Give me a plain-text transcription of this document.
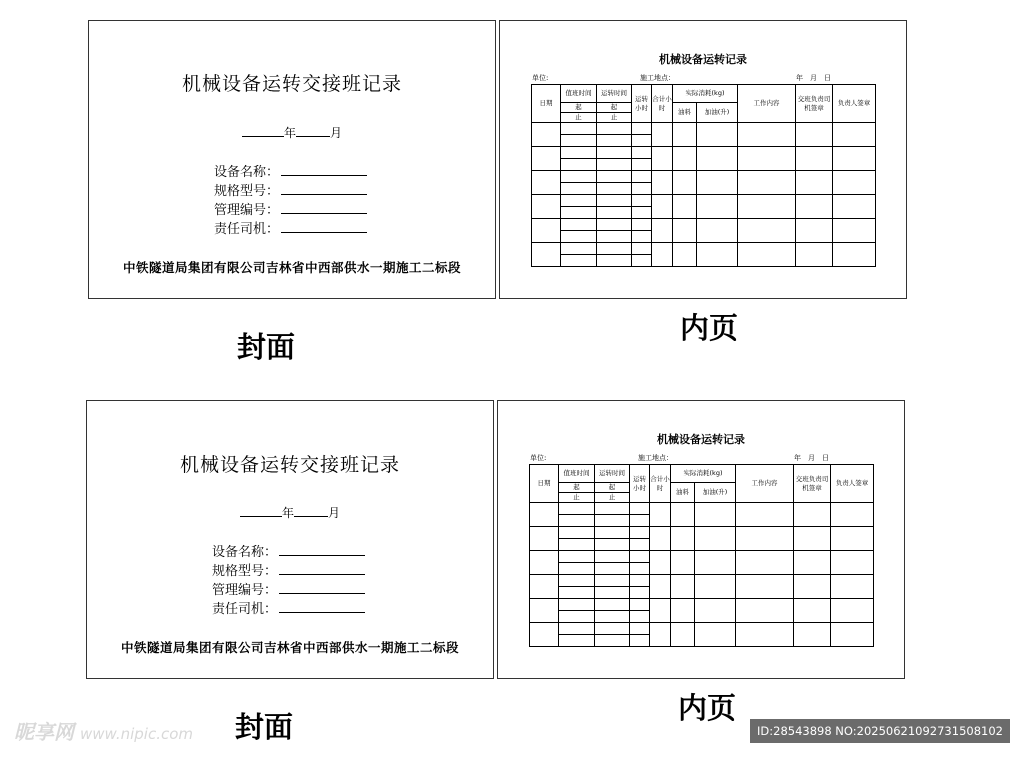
机械设备运转交接班记录
年	月
设备名称：
规格型号：
管理编号：
责任司机：
中铁隧道局集团有限公司吉林省中西部供水一期施工二标段
封面
机械设备运转记录
单位:	施工地点：	年　月　日
日期	值班时间	运转时间	运转小时	合计小时	实际消耗(kg)		工作内容	交班负责司机签章	负责人签章
	起	起			油料	加油(升)			
	止	止							

内页
机械设备运转交接班记录
年	月
设备名称：
规格型号：
管理编号：
责任司机：
中铁隧道局集团有限公司吉林省中西部供水一期施工二标段
封面
机械设备运转记录
单位:	施工地点：	年　月　日
日期	值班时间	运转时间	运转小时	合计小时	实际消耗(kg)		工作内容	交班负责司机签章	负责人签章
	起	起			油料	加油(升)			
	止	止							

内页
昵享网 www.nipic.com	ID:28543898 NO:20250621092731508102
